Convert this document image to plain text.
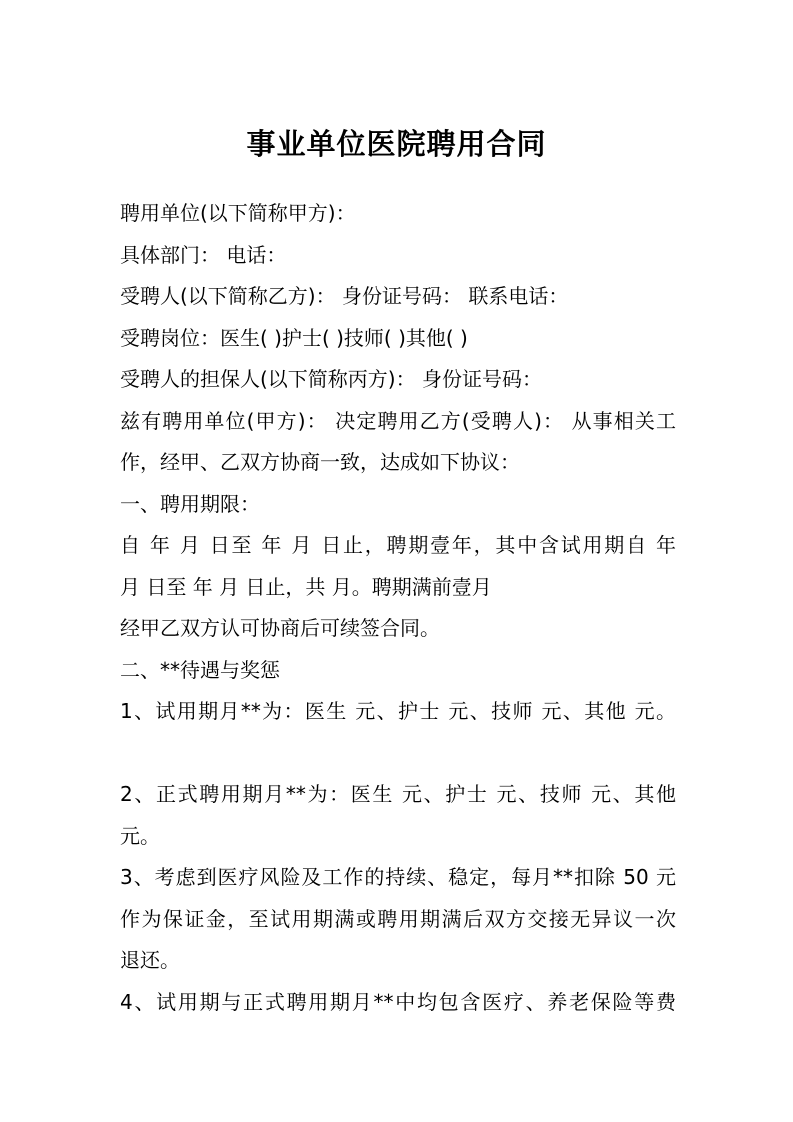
事业单位医院聘用合同
聘用单位(以下简称甲方)：
具体部门： 电话：
受聘人(以下简称乙方)： 身份证号码： 联系电话：
受聘岗位：医生( )护士( )技师( )其他( )
受聘人的担保人(以下简称丙方)： 身份证号码：
兹有聘用单位(甲方)： 决定聘用乙方(受聘人)： 从事相关工
作，经甲、乙双方协商一致，达成如下协议：
一、聘用期限：
自 年 月 日至 年 月 日止，聘期壹年，其中含试用期自 年
月 日至 年 月 日止，共 月。聘期满前壹月
经甲乙双方认可协商后可续签合同。
二、**待遇与奖惩
1、试用期月**为：医生 元、护士 元、技师 元、其他 元。
2、正式聘用期月**为：医生 元、护士 元、技师 元、其他
元。
3、考虑到医疗风险及工作的持续、稳定，每月**扣除 50 元
作为保证金，至试用期满或聘用期满后双方交接无异议一次
退还。
4、试用期与正式聘用期月**中均包含医疗、养老保险等费
